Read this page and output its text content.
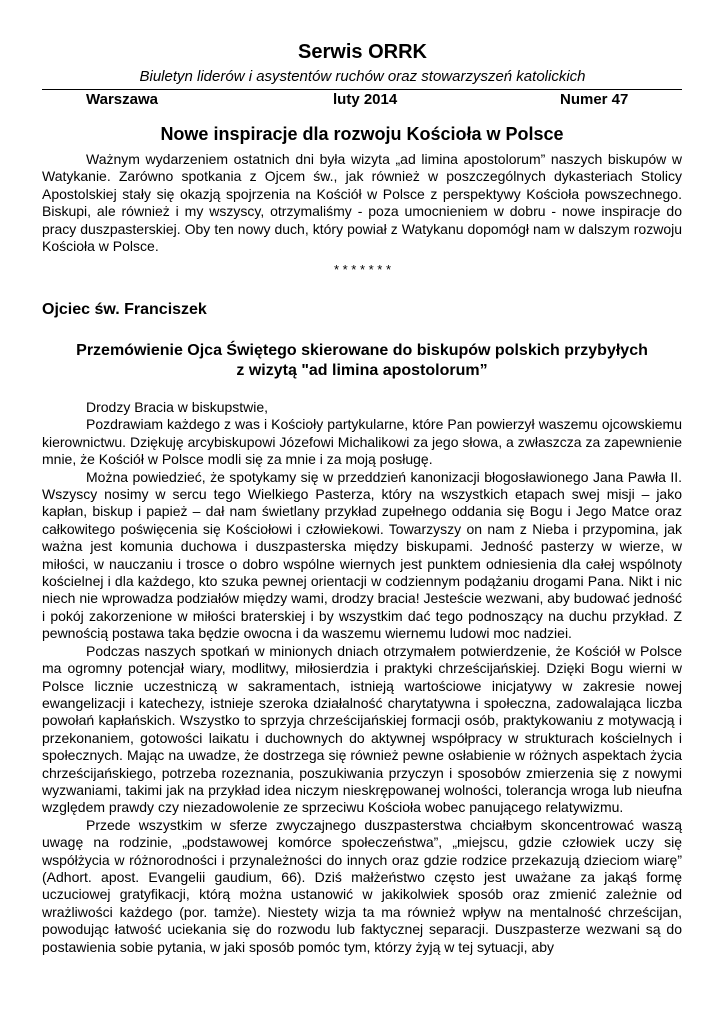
Serwis ORRK
Biuletyn liderów i asystentów ruchów oraz stowarzyszeń katolickich
Warszawa	luty 2014	Numer 47
Nowe inspiracje dla rozwoju Kościoła w Polsce

Ważnym wydarzeniem ostatnich dni była wizyta „ad limina apostolorum” naszych biskupów w Watykanie. Zarówno spotkania z Ojcem św., jak również w poszczególnych dykasteriach Stolicy Apostolskiej stały się okazją spojrzenia na Kościół w Polsce z perspektywy Kościoła powszechnego. Biskupi, ale również i my wszyscy, otrzymaliśmy - poza umocnieniem w dobru - nowe inspiracje do pracy duszpasterskiej. Oby ten nowy duch, który powiał z Watykanu dopomógł nam w dalszym rozwoju Kościoła w Polsce.

* * * * * * *
Ojciec św. Franciszek
Przemówienie Ojca Świętego skierowane do biskupów polskich przybyłych
z wizytą "ad limina apostolorum”

Drodzy Bracia w biskupstwie,

Pozdrawiam każdego z was i Kościoły partykularne, które Pan powierzył waszemu ojcowskiemu kierownictwu. Dziękuję arcybiskupowi Józefowi Michalikowi za jego słowa, a zwłaszcza za zapewnienie mnie, że Kościół w Polsce modli się za mnie i za moją posługę.

Można powiedzieć, że spotykamy się w przeddzień kanonizacji błogosławionego Jana Pawła II. Wszyscy nosimy w sercu tego Wielkiego Pasterza, który na wszystkich etapach swej misji – jako kapłan, biskup i papież – dał nam świetlany przykład zupełnego oddania się Bogu i Jego Matce oraz całkowitego poświęcenia się Kościołowi i człowiekowi. Towarzyszy on nam z Nieba i przypomina, jak ważna jest komunia duchowa i duszpasterska między biskupami. Jedność pasterzy w wierze, w miłości, w nauczaniu i trosce o dobro wspólne wiernych jest punktem odniesienia dla całej wspólnoty kościelnej i dla każdego, kto szuka pewnej orientacji w codziennym podążaniu drogami Pana. Nikt i nic niech nie wprowadza podziałów między wami, drodzy bracia! Jesteście wezwani, aby budować jedność i pokój zakorzenione w miłości braterskiej i by wszystkim dać tego podnoszący na duchu przykład. Z pewnością postawa taka będzie owocna i da waszemu wiernemu ludowi moc nadziei.

Podczas naszych spotkań w minionych dniach otrzymałem potwierdzenie, że Kościół w Polsce ma ogromny potencjał wiary, modlitwy, miłosierdzia i praktyki chrześcijańskiej. Dzięki Bogu wierni w Polsce licznie uczestniczą w sakramentach, istnieją wartościowe inicjatywy w zakresie nowej ewangelizacji i katechezy, istnieje szeroka działalność charytatywna i społeczna, zadowalająca liczba powołań kapłańskich. Wszystko to sprzyja chrześcijańskiej formacji osób, praktykowaniu z motywacją i przekonaniem, gotowości laikatu i duchownych do aktywnej współpracy w strukturach kościelnych i społecznych. Mając na uwadze, że dostrzega się również pewne osłabienie w różnych aspektach życia chrześcijańskiego, potrzeba rozeznania, poszukiwania przyczyn i sposobów zmierzenia się z nowymi wyzwaniami, takimi jak na przykład idea niczym nieskrępowanej wolności, tolerancja wroga lub nieufna względem prawdy czy niezadowolenie ze sprzeciwu Kościoła wobec panującego relatywizmu.

Przede wszystkim w sferze zwyczajnego duszpasterstwa chciałbym skoncentrować waszą uwagę na rodzinie, „podstawowej komórce społeczeństwa”, „miejscu, gdzie człowiek uczy się współżycia w różnorodności i przynależności do innych oraz gdzie rodzice przekazują dzieciom wiarę” (Adhort. apost. Evangelii gaudium, 66). Dziś małżeństwo często jest uważane za jakąś formę uczuciowej gratyfikacji, którą można ustanowić w jakikolwiek sposób oraz zmienić zależnie od wrażliwości każdego (por. tamże). Niestety wizja ta ma również wpływ na mentalność chrześcijan, powodując łatwość uciekania się do rozwodu lub faktycznej separacji. Duszpasterze wezwani są do postawienia sobie pytania, w jaki sposób pomóc tym, którzy żyją w tej sytuacji, aby
